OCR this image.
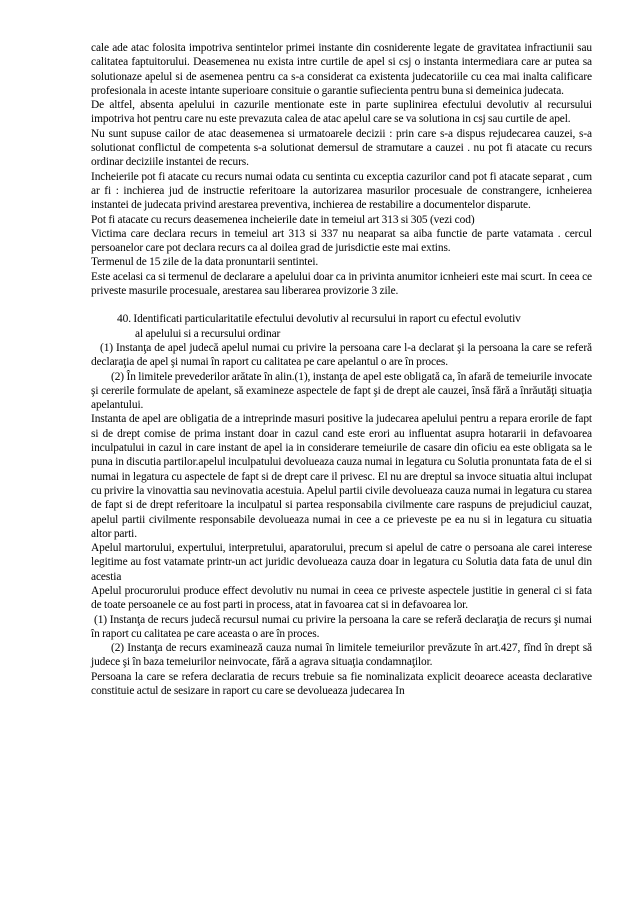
cale ade atac folosita impotriva sentintelor primei instante din cosniderente legate de gravitatea infractiunii sau calitatea faptuitorului. Deasemenea nu exista intre curtile de apel si csj o instanta intermediara care ar putea sa solutionaze apelul si de asemenea pentru ca s-a considerat ca existenta judecatoriile cu cea mai inalta calificare profesionala in aceste intante superioare consituie o garantie sufiecienta pentru buna si demeinica judecata.

De altfel, absenta apelului in cazurile mentionate este in parte suplinirea efectului devolutiv al recursului impotriva hot pentru care nu este prevazuta calea de atac apelul care se va solutiona in csj sau curtile de apel.

Nu sunt supuse cailor de atac deasemenea si urmatoarele decizii : prin care s-a dispus rejudecarea cauzei, s-a solutionat conflictul de competenta s-a solutionat demersul de stramutare a cauzei . nu pot fi atacate cu recurs ordinar deciziile instantei de recurs.

Incheierile pot fi atacate cu recurs numai odata cu sentinta cu exceptia cazurilor cand pot fi atacate separat , cum ar fi : inchierea jud de instructie referitoare la autorizarea masurilor procesuale de constrangere, icnheierea instantei de judecata privind arestarea preventiva, inchierea de restabilire a documentelor disparute.

Pot fi atacate cu recurs deasemenea incheierile date in temeiul art 313 si 305 (vezi cod)

Victima care declara recurs in temeiul art 313 si 337 nu neaparat sa aiba functie de parte vatamata . cercul persoanelor care pot declara recurs ca al doilea grad de jurisdictie este mai extins.

Termenul de 15 zile de la data pronuntarii sentintei.

Este acelasi ca si termenul de declarare a apelului doar ca in privinta anumitor icnheieri este mai scurt. In ceea ce priveste masurile procesuale, arestarea sau liberarea provizorie 3 zile.

40. Identificati particularitatile efectului devolutiv al recursului in raport cu efectul evolutiv
al apelului si a recursului ordinar

(1) Instanţa de apel judecă apelul numai cu privire la persoana care l-a declarat şi la persoana la care se referă declaraţia de apel şi numai în raport cu calitatea pe care apelantul o are în proces.

(2) În limitele prevederilor arătate în alin.(1), instanţa de apel este obligată ca, în afară de temeiurile invocate şi cererile formulate de apelant, să examineze aspectele de fapt şi de drept ale cauzei, însă fără a înrăutăţi situaţia apelantului.

Instanta de apel are obligatia de a intreprinde masuri positive la judecarea apelului pentru a repara erorile de fapt si de drept comise de prima instant doar in cazul cand este erori au influentat asupra hotararii in defavoarea inculpatului in cazul in care instant de apel ia in considerare temeiurile de casare din oficiu ea este obligata sa le puna in discutia partilor.apelul inculpatului devolueaza cauza numai in legatura cu Solutia pronuntata fata de el si numai in legatura cu aspectele de fapt si de drept care il privesc. El nu are dreptul sa invoce situatia altui inclupat cu privire la vinovattia sau nevinovatia acestuia. Apelul partii civile devolueaza cauza numai in legatura cu starea de fapt si de drept referitoare la inculpatul si partea responsabila civilmente care raspuns de prejudiciul cauzat, apelul partii civilmente responsabile devolueaza numai in cee a ce prieveste pe ea nu si in legatura cu situatia altor parti.

Apelul martorului, expertului, interpretului, aparatorului, precum si apelul de catre o persoana ale carei interese legitime au fost vatamate printr-un act juridic devolueaza cauza doar in legatura cu Solutia data fata de unul din acestia

Apelul procurorului produce effect devolutiv nu numai in ceea ce priveste aspectele justitie in general ci si fata de toate persoanele ce au fost parti in process, atat in favoarea cat si in defavoarea lor.

(1) Instanţa de recurs judecă recursul numai cu privire la persoana la care se referă declaraţia de recurs şi numai în raport cu calitatea pe care aceasta o are în proces.

(2) Instanţa de recurs examinează cauza numai în limitele temeiurilor prevăzute în art.427, fînd în drept să judece şi în baza temeiurilor neinvocate, fără a agrava situaţia condamnaţilor.

Persoana la care se refera declaratia de recurs trebuie sa fie nominalizata explicit deoarece aceasta declarative constituie actul de sesizare in raport cu care se devolueaza judecarea In
